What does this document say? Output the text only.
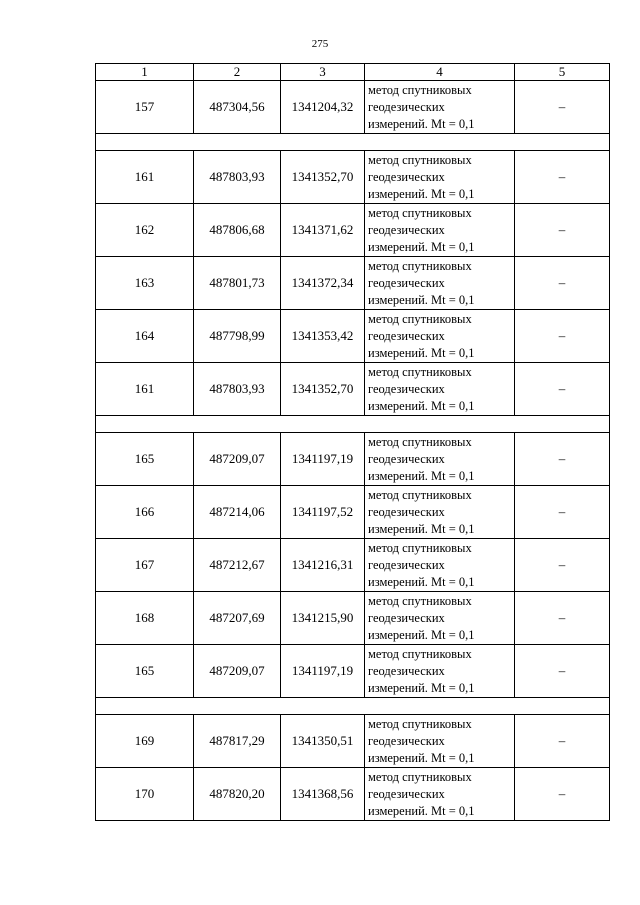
275
1	2	3	4	5
157	487304,56	1341204,32	метод спутниковых
геодезических
измерений. Mt = 0,1	–

161	487803,93	1341352,70	метод спутниковых
геодезических
измерений. Mt = 0,1	–
162	487806,68	1341371,62	метод спутниковых
геодезических
измерений. Mt = 0,1	–
163	487801,73	1341372,34	метод спутниковых
геодезических
измерений. Mt = 0,1	–
164	487798,99	1341353,42	метод спутниковых
геодезических
измерений. Mt = 0,1	–
161	487803,93	1341352,70	метод спутниковых
геодезических
измерений. Mt = 0,1	–

165	487209,07	1341197,19	метод спутниковых
геодезических
измерений. Mt = 0,1	–
166	487214,06	1341197,52	метод спутниковых
геодезических
измерений. Mt = 0,1	–
167	487212,67	1341216,31	метод спутниковых
геодезических
измерений. Mt = 0,1	–
168	487207,69	1341215,90	метод спутниковых
геодезических
измерений. Mt = 0,1	–
165	487209,07	1341197,19	метод спутниковых
геодезических
измерений. Mt = 0,1	–

169	487817,29	1341350,51	метод спутниковых
геодезических
измерений. Mt = 0,1	–
170	487820,20	1341368,56	метод спутниковых
геодезических
измерений. Mt = 0,1	–
